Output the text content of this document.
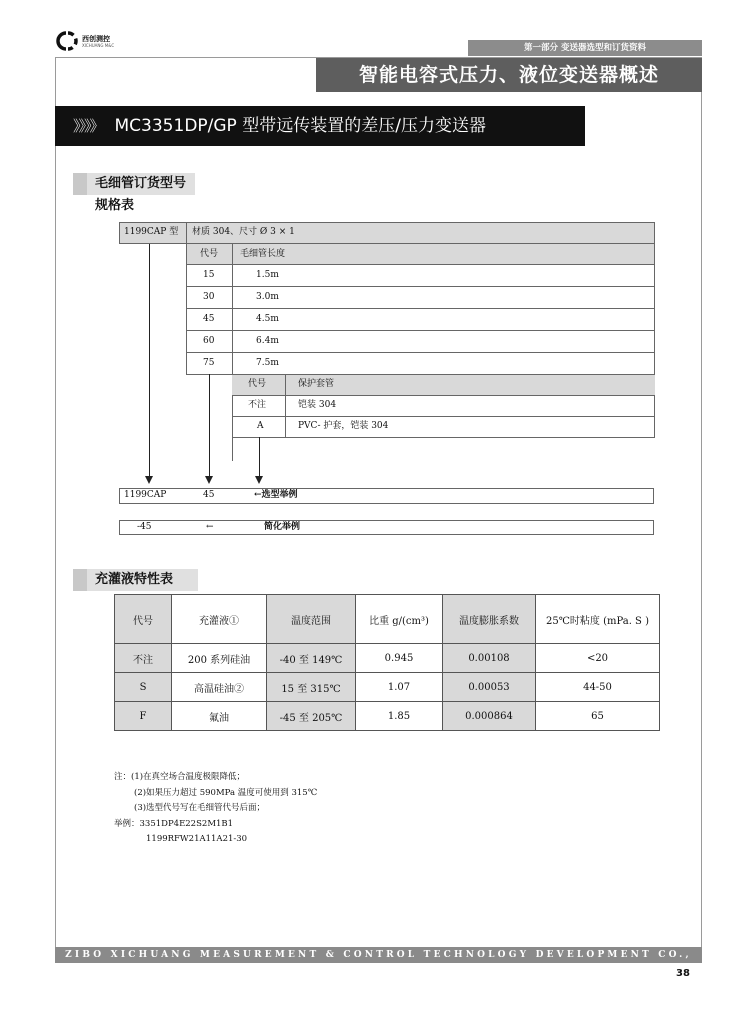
西创测控
XICHUANG M&C	第一部分 变送器选型和订货资料
智能电容式压力、液位变送器概述
》》》》 MC3351DP/GP 型带远传装置的差压/压力变送器
毛细管订货型号规格表
1199CAP 型 材质 304、尺寸 Ø 3 × 1
代号 毛细管长度
15	1.5m
30	3.0m
45	4.5m
60	6.4m
75	7.5m
代号	保护套管
不注	铠装 304
A	PVC- 护套，铠装 304
1199CAP	45	←选型举例
-45	←	简化举例
充灌液特性表
代号	充灌液①	温度范围	比重 g/(cm³)	温度膨胀系数	25℃时粘度 (mPa. S )
不注	200 系列硅油	-40 至 149℃	0.945	0.00108	<20
S	高温硅油②	15 至 315℃	1.07	0.00053	44-50
F	氟油	-45 至 205℃	1.85	0.000864	65
注：(1)在真空场合温度极限降低；
(2)如果压力超过 590MPa 温度可使用到 315℃
(3)选型代号写在毛细管代号后面；
举例：3351DP4E22S2M1B1
1199RFW21A11A21-30
ZIBO XICHUANG MEASUREMENT & CONTROL TECHNOLOGY DEVELOPMENT CO., LTD	38
